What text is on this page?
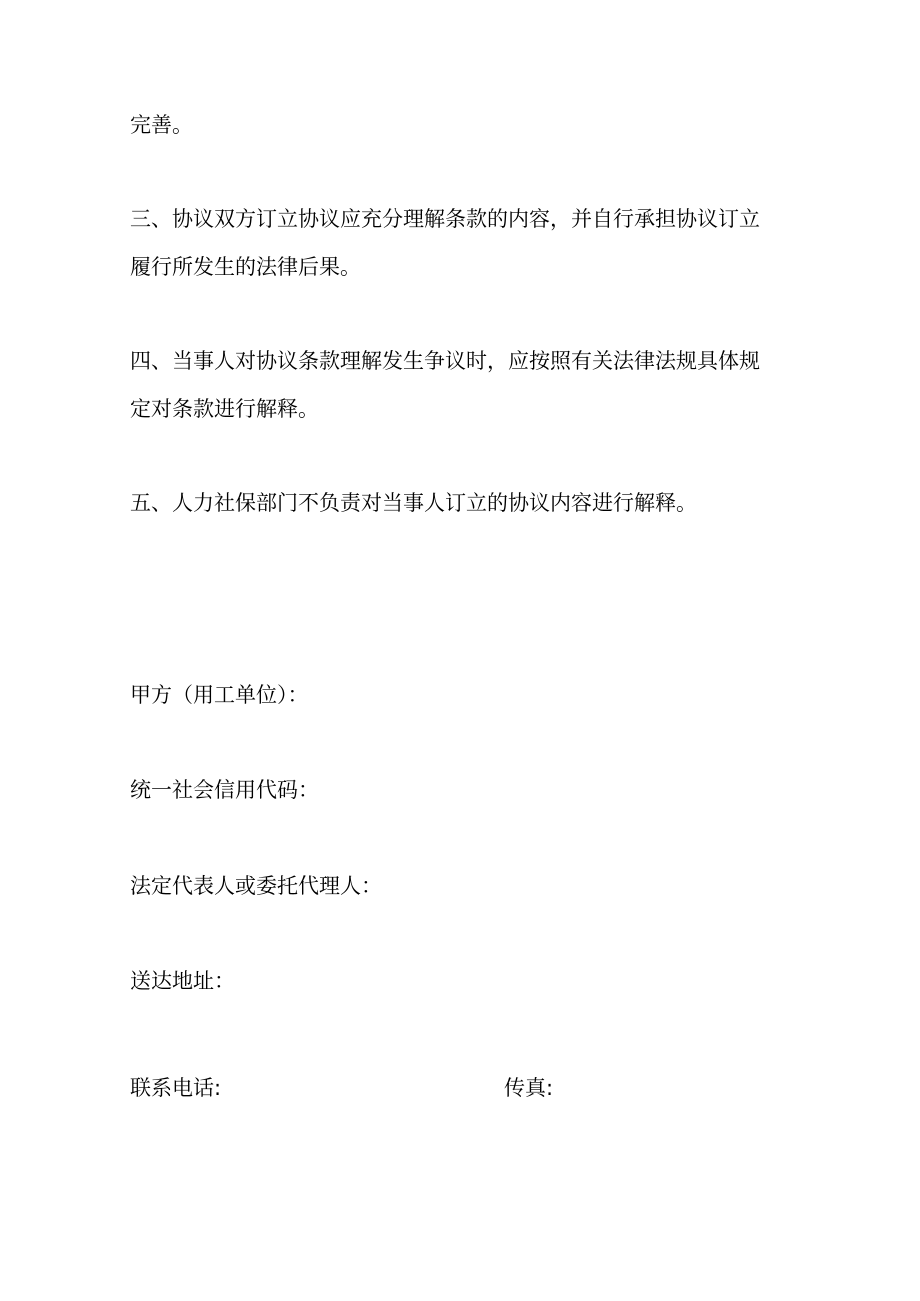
完善。
三、协议双方订立协议应充分理解条款的内容，并自行承担协议订立
履行所发生的法律后果。
四、当事人对协议条款理解发生争议时，应按照有关法律法规具体规
定对条款进行解释。
五、人力社保部门不负责对当事人订立的协议内容进行解释。
甲方（用工单位）：
统一社会信用代码：
法定代表人或委托代理人：
送达地址：
联系电话:	传真:
